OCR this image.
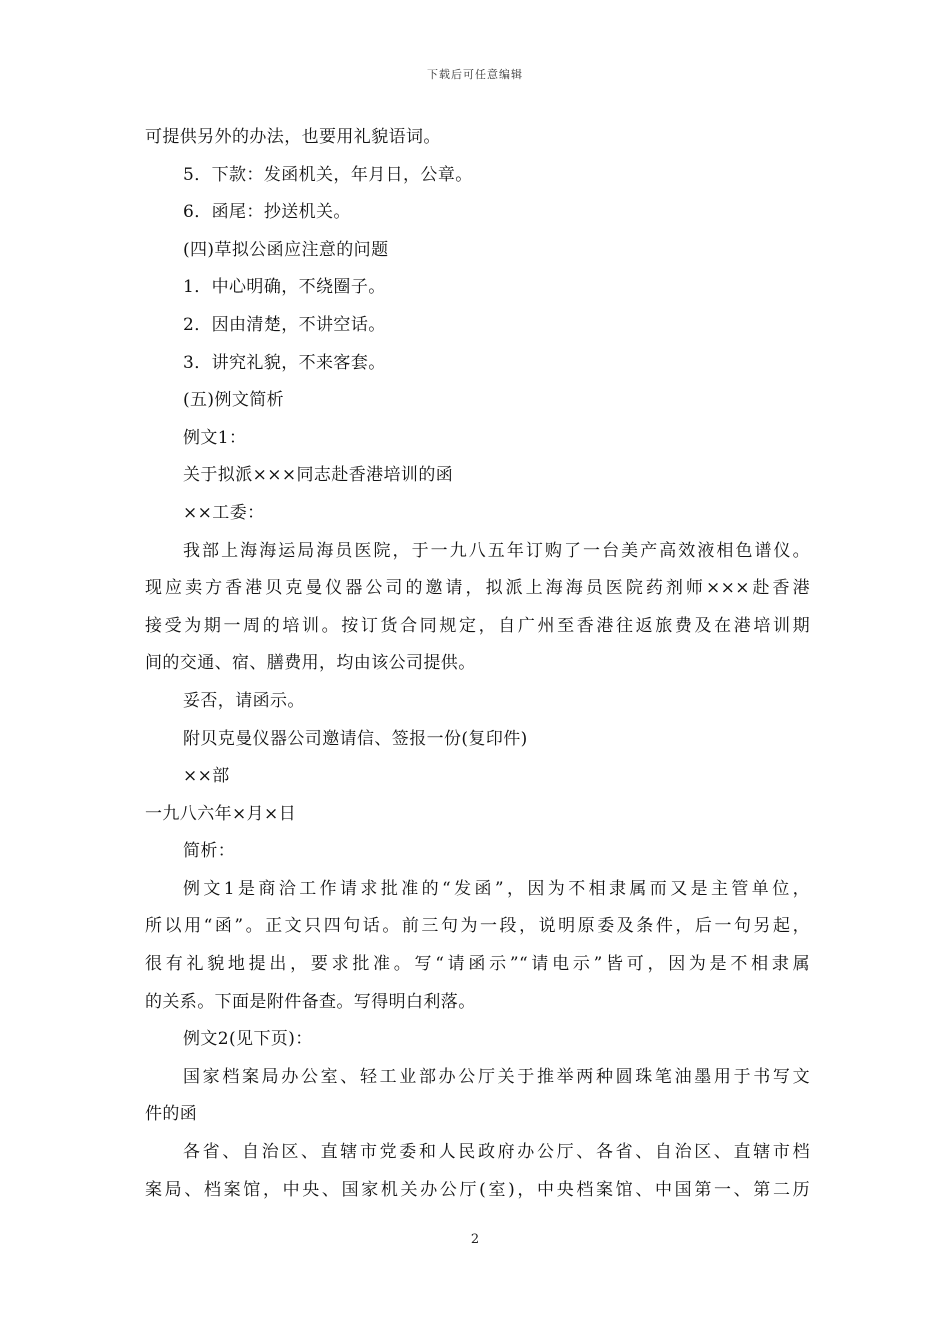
下载后可任意编辑
可提供另外的办法，也要用礼貌语词。
5．下款：发函机关，年月日，公章。
6．函尾：抄送机关。
(四)草拟公函应注意的问题
1．中心明确，不绕圈子。
2．因由清楚，不讲空话。
3．讲究礼貌，不来客套。
(五)例文简析
例文1：
关于拟派×××同志赴香港培训的函
××工委：
我部上海海运局海员医院，于一九八五年订购了一台美产高效液相色谱仪。
现应卖方香港贝克曼仪器公司的邀请，拟派上海海员医院药剂师×××赴香港
接受为期一周的培训。按订货合同规定，自广州至香港往返旅费及在港培训期
间的交通、宿、膳费用，均由该公司提供。
妥否，请函示。
附贝克曼仪器公司邀请信、签报一份(复印件)
××部
一九八六年×月×日
简析：
例文1是商洽工作请求批准的“发函”，因为不相隶属而又是主管单位，
所以用“函”。正文只四句话。前三句为一段，说明原委及条件，后一句另起，
很有礼貌地提出，要求批准。写“请函示”“请电示”皆可，因为是不相隶属
的关系。下面是附件备查。写得明白利落。
例文2(见下页)：
国家档案局办公室、轻工业部办公厅关于推举两种圆珠笔油墨用于书写文
件的函
各省、自治区、直辖市党委和人民政府办公厅、各省、自治区、直辖市档
案局、档案馆，中央、国家机关办公厅(室)，中央档案馆、中国第一、第二历
2
